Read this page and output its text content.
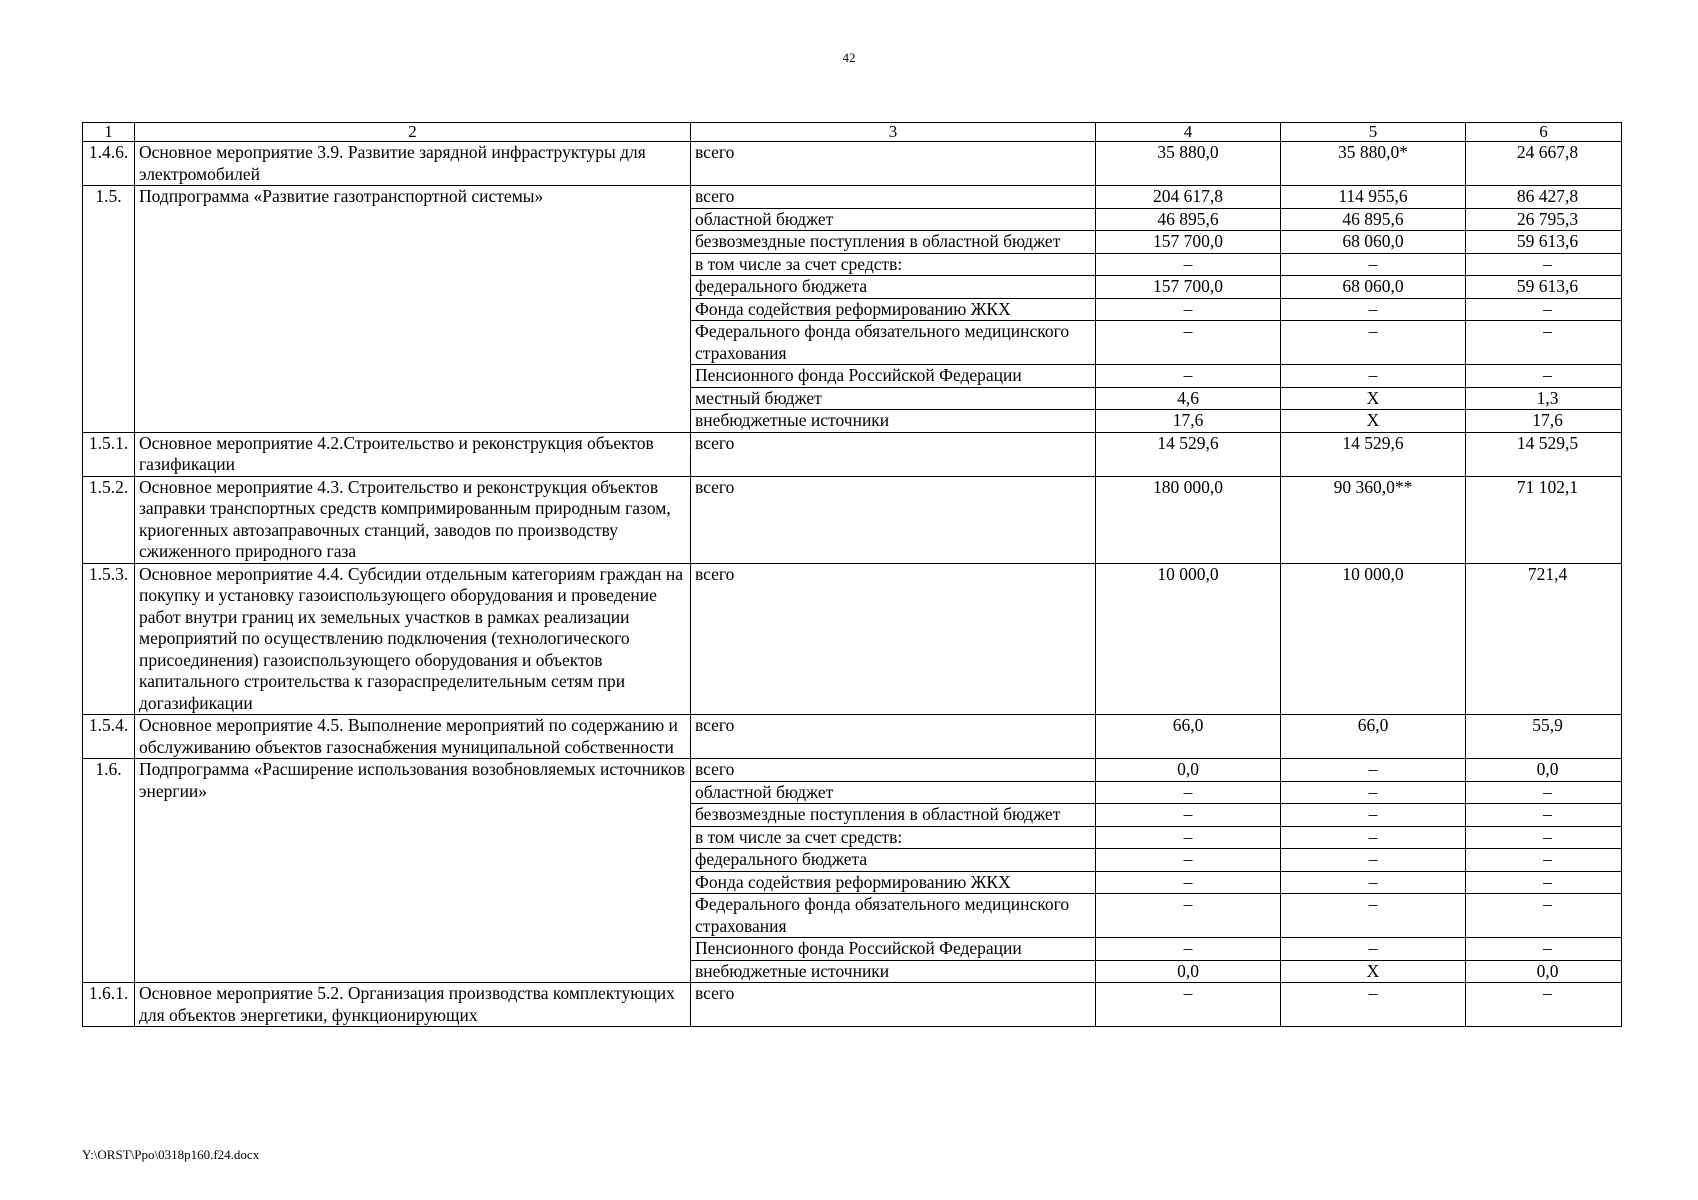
42
1	2	3	4	5	6
1.4.6.	Основное мероприятие 3.9. Развитие зарядной инфраструктуры для электромобилей	всего	35 880,0	35 880,0*	24 667,8
1.5.	Подпрограмма «Развитие газотранспортной системы»	всего	204 617,8	114 955,6	86 427,8
		областной бюджет	46 895,6	46 895,6	26 795,3
		безвозмездные поступления в областной бюджет	157 700,0	68 060,0	59 613,6
		в том числе за счет средств:	–	–	–
		федерального бюджета	157 700,0	68 060,0	59 613,6
		Фонда содействия реформированию ЖКХ	–	–	–
		Федерального фонда обязательного медицинского страхования	–	–	–
		Пенсионного фонда Российской Федерации	–	–	–
		местный бюджет	4,6	Х	1,3
		внебюджетные источники	17,6	Х	17,6
1.5.1.	Основное мероприятие 4.2.Строительство и реконструкция объектов газификации	всего	14 529,6	14 529,6	14 529,5
1.5.2.	Основное мероприятие 4.3. Строительство и реконструкция объектов заправки транспортных средств компримированным природным газом, криогенных автозаправочных станций, заводов по производству сжиженного природного газа	всего	180 000,0	90 360,0**	71 102,1
1.5.3.	Основное мероприятие 4.4. Субсидии отдельным категориям граждан на покупку и установку газоиспользующего оборудования и проведение работ внутри границ их земельных участков в рамках реализации мероприятий по осуществлению подключения (технологического присоединения) газоиспользующего оборудования и объектов капитального строительства к газораспределительным сетям при догазификации	всего	10 000,0	10 000,0	721,4
1.5.4.	Основное мероприятие 4.5. Выполнение мероприятий по содержанию и обслуживанию объектов газоснабжения муниципальной собственности	всего	66,0	66,0	55,9
1.6.	Подпрограмма «Расширение использования возобновляемых источников энергии»	всего	0,0	–	0,0
		областной бюджет	–	–	–
		безвозмездные поступления в областной бюджет	–	–	–
		в том числе за счет средств:	–	–	–
		федерального бюджета	–	–	–
		Фонда содействия реформированию ЖКХ	–	–	–
		Федерального фонда обязательного медицинского страхования	–	–	–
		Пенсионного фонда Российской Федерации	–	–	–
		внебюджетные источники	0,0	Х	0,0
1.6.1.	Основное мероприятие 5.2. Организация производства комплектующих для объектов энергетики, функционирующих	всего	–	–	–
Y:\ORST\Ppo\0318p160.f24.docx
